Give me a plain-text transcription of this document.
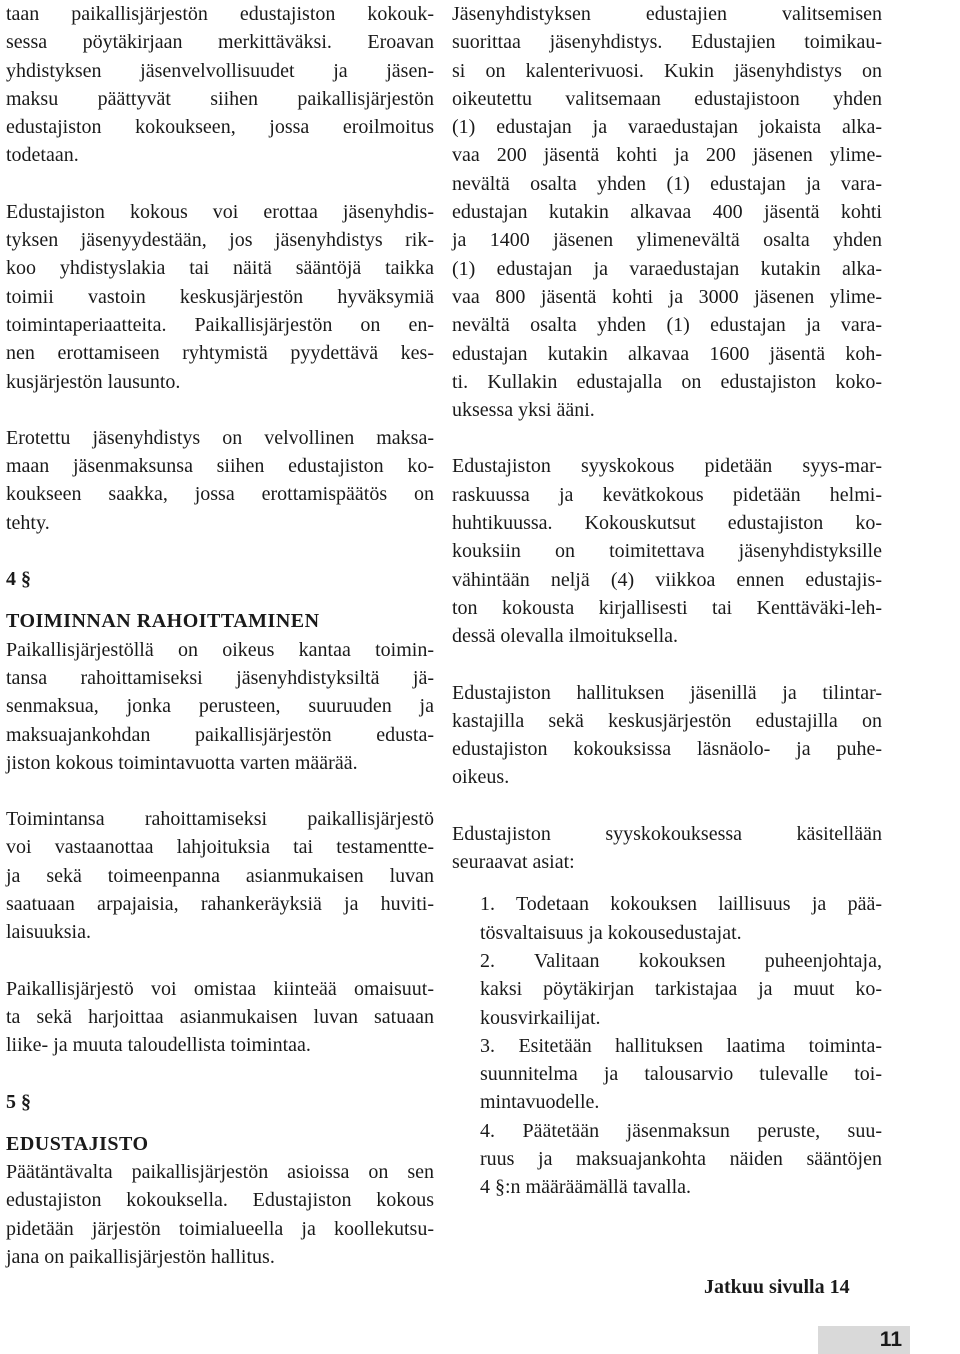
taan paikallisjärjestön edustajiston kokouk-
sessa pöytäkirjaan merkittäväksi. Eroavan
yhdistyksen jäsenvelvollisuudet ja jäsen-
maksu päättyvät siihen paikallisjärjestön
edustajiston kokoukseen, jossa eroilmoitus
todetaan.
Edustajiston kokous voi erottaa jäsenyhdis-
tyksen jäsenyydestään, jos jäsenyhdistys rik-
koo yhdistyslakia tai näitä sääntöjä taikka
toimii vastoin keskusjärjestön hyväksymiä
toimintaperiaatteita. Paikallisjärjestön on en-
nen erottamiseen ryhtymistä pyydettävä kes-
kusjärjestön lausunto.
Erotettu jäsenyhdistys on velvollinen maksa-
maan jäsenmaksunsa siihen edustajiston ko-
koukseen saakka, jossa erottamispäätös on
tehty.
4 §
TOIMINNAN RAHOITTAMINEN
Paikallisjärjestöllä on oikeus kantaa toimin-
tansa rahoittamiseksi jäsenyhdistyksiltä jä-
senmaksua, jonka perusteen, suuruuden ja
maksuajankohdan paikallisjärjestön edusta-
jiston kokous toimintavuotta varten määrää.
Toimintansa rahoittamiseksi paikallisjärjestö
voi vastaanottaa lahjoituksia tai testamentte-
ja sekä toimeenpanna asianmukaisen luvan
saatuaan arpajaisia, rahankeräyksiä ja huviti-
laisuuksia.
Paikallisjärjestö voi omistaa kiinteää omaisuut-
ta sekä harjoittaa asianmukaisen luvan satuaan
liike- ja muuta taloudellista toimintaa.
5 §
EDUSTAJISTO
Päätäntävalta paikallisjärjestön asioissa on sen
edustajiston kokouksella. Edustajiston kokous
pidetään järjestön toimialueella ja koollekutsu-
jana on paikallisjärjestön hallitus.
Jäsenyhdistyksen edustajien valitsemisen
suorittaa jäsenyhdistys. Edustajien toimikau-
si on kalenterivuosi. Kukin jäsenyhdistys on
oikeutettu valitsemaan edustajistoon yhden
(1) edustajan ja varaedustajan jokaista alka-
vaa 200 jäsentä kohti ja 200 jäsenen ylime-
nevältä osalta yhden (1) edustajan ja vara-
edustajan kutakin alkavaa 400 jäsentä kohti
ja 1400 jäsenen ylimenevältä osalta yhden
(1) edustajan ja varaedustajan kutakin alka-
vaa 800 jäsentä kohti ja 3000 jäsenen ylime-
nevältä osalta yhden (1) edustajan ja vara-
edustajan kutakin alkavaa 1600 jäsentä koh-
ti. Kullakin edustajalla on edustajiston koko-
uksessa yksi ääni.
Edustajiston syyskokous pidetään syys-mar-
raskuussa ja kevätkokous pidetään helmi-
huhtikuussa. Kokouskutsut edustajiston ko-
kouksiin on toimitettava jäsenyhdistyksille
vähintään neljä (4) viikkoa ennen edustajis-
ton kokousta kirjallisesti tai Kenttäväki-leh-
dessä olevalla ilmoituksella.
Edustajiston hallituksen jäsenillä ja tilintar-
kastajilla sekä keskusjärjestön edustajilla on
edustajiston kokouksissa läsnäolo- ja puhe-
oikeus.
Edustajiston syyskokouksessa käsitellään
seuraavat asiat:
1. Todetaan kokouksen laillisuus ja pää-
tösvaltaisuus ja kokousedustajat.
2. Valitaan kokouksen puheenjohtaja,
kaksi pöytäkirjan tarkistajaa ja muut ko-
kousvirkailijat.
3. Esitetään hallituksen laatima toiminta-
suunnitelma ja talousarvio tulevalle toi-
mintavuodelle.
4. Päätetään jäsenmaksun peruste, suu-
ruus ja maksuajankohta näiden sääntöjen
4 §:n määräämällä tavalla.
Jatkuu sivulla 14
11
